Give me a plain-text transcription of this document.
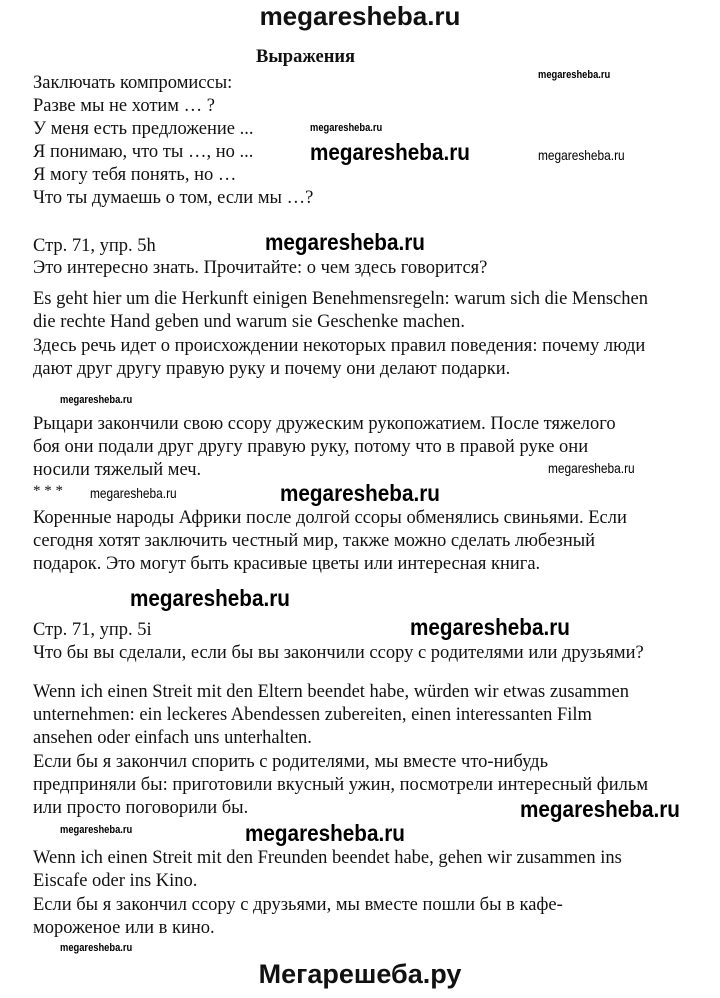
megaresheba.ru
Выражения
Заключать компромиссы:
Разве мы не хотим … ?
У меня есть предложение ...
Я понимаю, что ты …, но ...
Я могу тебя понять, но …
Что ты думаешь о том, если мы …?
Стр. 71, упр. 5h
Это интересно знать. Прочитайте: о чем здесь говорится?
Es geht hier um die Herkunft einigen Benehmensregeln: warum sich die Menschen
die rechte Hand geben und warum sie Geschenke machen.
Здесь речь идет о происхождении некоторых правил поведения: почему люди
дают друг другу правую руку и почему они делают подарки.
Рыцари закончили свою ссору дружеским рукопожатием. После тяжелого
боя они подали друг другу правую руку, потому что в правой руке они
носили тяжелый меч.
* * *
Коренные народы Африки после долгой ссоры обменялись свиньями. Если
сегодня хотят заключить честный мир, также можно сделать любезный
подарок. Это могут быть красивые цветы или интересная книга.
Стр. 71, упр. 5i
Что бы вы сделали, если бы вы закончили ссору с родителями или друзьями?
Wenn ich einen Streit mit den Eltern beendet habe, würden wir etwas zusammen
unternehmen: ein leckeres Abendessen zubereiten, einen interessanten Film
ansehen oder einfach uns unterhalten.
Если бы я закончил спорить с родителями, мы вместе что-нибудь
предприняли бы: приготовили вкусный ужин, посмотрели интересный фильм
или просто поговорили бы.
Wenn ich einen Streit mit den Freunden beendet habe, gehen wir zusammen ins
Eiscafe oder ins Kino.
Если бы я закончил ссору с друзьями, мы вместе пошли бы в кафе-
мороженое или в кино.
megaresheba.ru
megaresheba.ru
megaresheba.ru
megaresheba.ru
megaresheba.ru
megaresheba.ru
megaresheba.ru
megaresheba.ru	megaresheba.ru
megaresheba.ru
megaresheba.ru
megaresheba.ru
megaresheba.ru	megaresheba.ru
megaresheba.ru
Мегарешеба.ру
